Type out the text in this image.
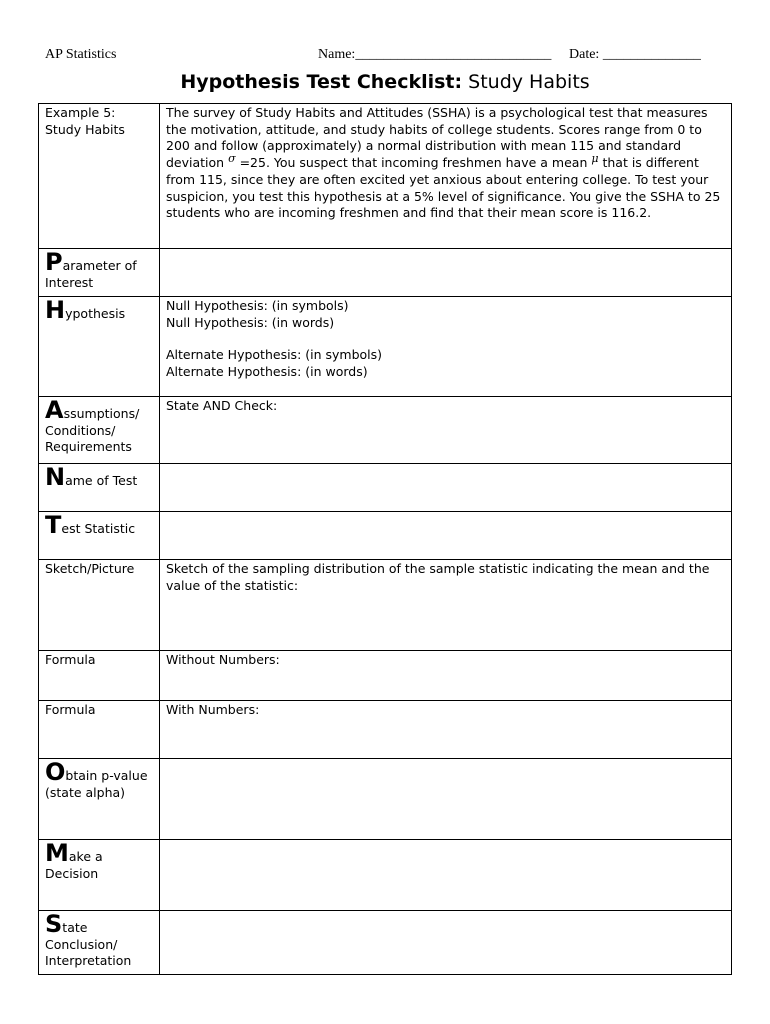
AP Statistics	Name:____________________________ Date: ______________
Hypothesis Test Checklist: Study Habits
Example 5:
Study Habits	The survey of Study Habits and Attitudes (SSHA) is a psychological test that measures the motivation, attitude, and study habits of college students. Scores range from 0 to 200 and follow (approximately) a normal distribution with mean 115 and standard deviation σ =25. You suspect that incoming freshmen have a mean μ that is different from 115, since they are often excited yet anxious about entering college. To test your suspicion, you test this hypothesis at a 5% level of significance. You give the SSHA to 25 students who are incoming freshmen and find that their mean score is 116.2.
Parameter of Interest	
Hypothesis	Null Hypothesis: (in symbols)
Null Hypothesis: (in words)
Alternate Hypothesis: (in symbols)
Alternate Hypothesis: (in words)

Assumptions/ Conditions/ Requirements	State AND Check:
Name of Test	
Test Statistic	
Sketch/Picture	Sketch of the sampling distribution of the sample statistic indicating the mean and the value of the statistic:
Formula	Without Numbers:
Formula	With Numbers:
Obtain p-value (state alpha)	
Make a Decision	
State Conclusion/ Interpretation	
